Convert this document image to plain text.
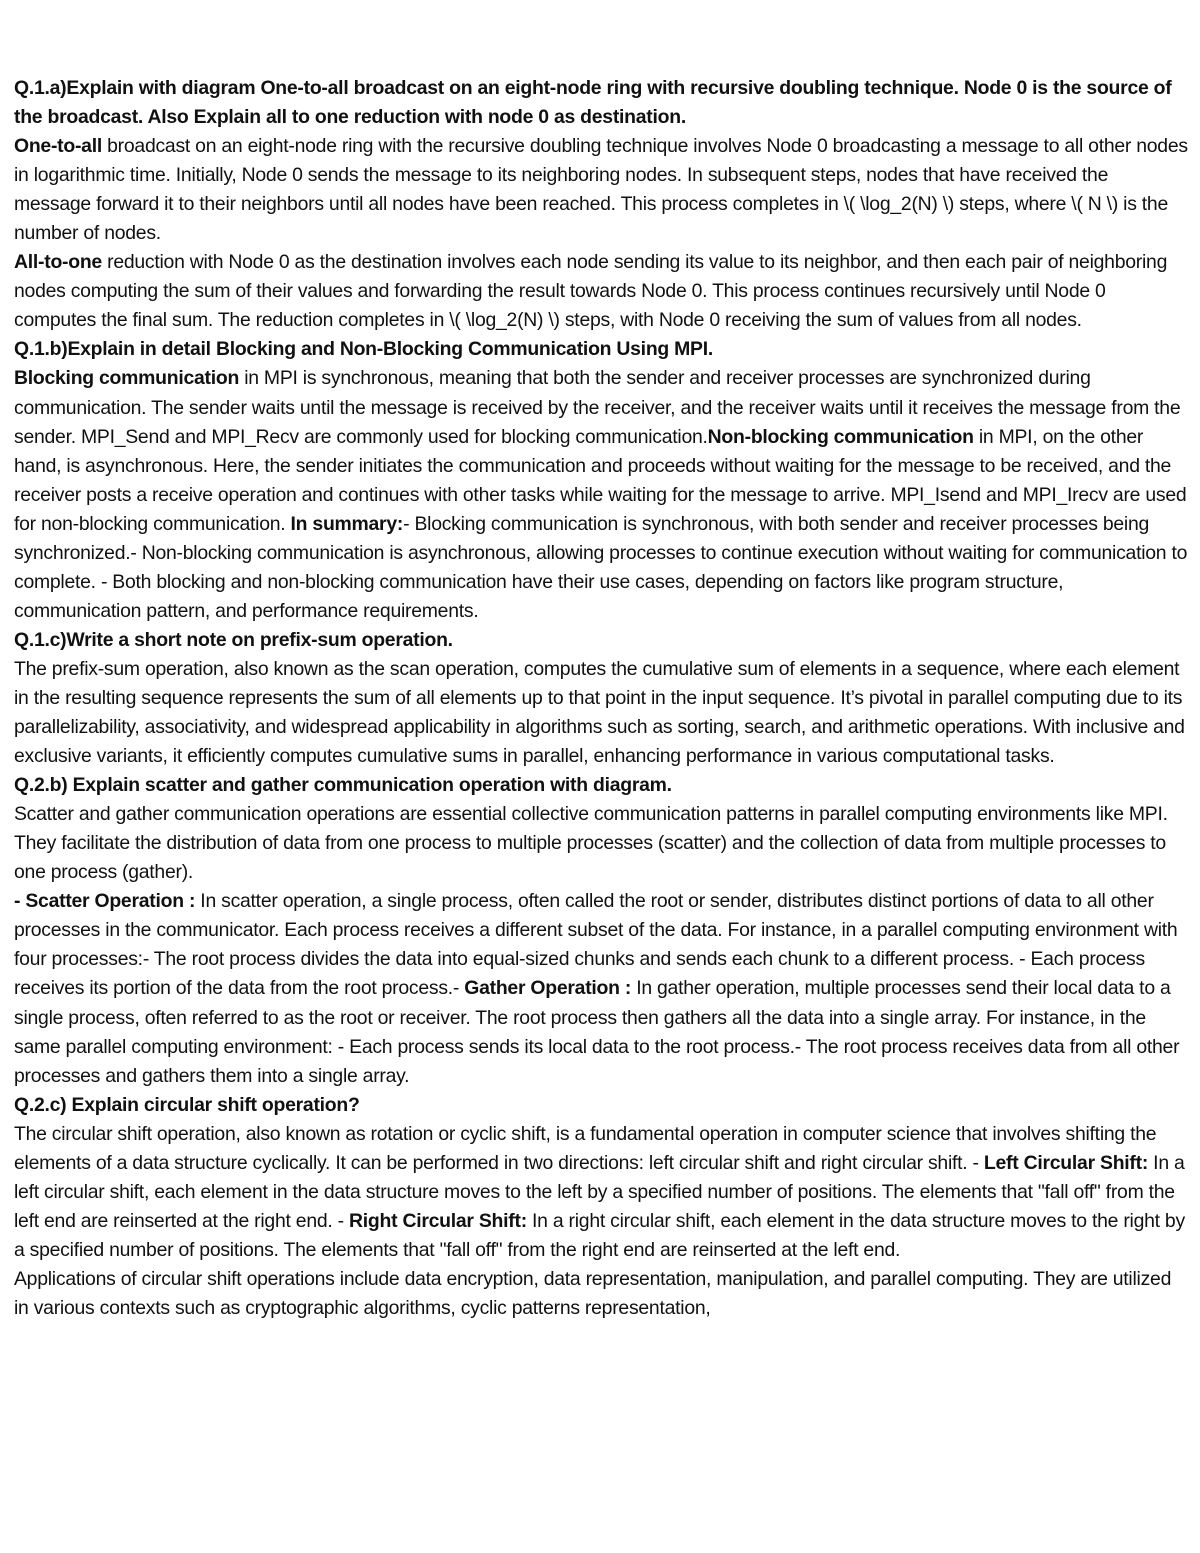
Q.1.a)Explain with diagram One-to-all broadcast on an eight-node ring with recursive doubling technique. Node 0 is the source of the broadcast. Also Explain all to one reduction with node 0 as destination.

One-to-all broadcast on an eight-node ring with the recursive doubling technique involves Node 0 broadcasting a message to all other nodes in logarithmic time. Initially, Node 0 sends the message to its neighboring nodes. In subsequent steps, nodes that have received the message forward it to their neighbors until all nodes have been reached. This process completes in \( \log_2(N) \) steps, where \( N \) is the number of nodes.

All-to-one reduction with Node 0 as the destination involves each node sending its value to its neighbor, and then each pair of neighboring nodes computing the sum of their values and forwarding the result towards Node 0. This process continues recursively until Node 0 computes the final sum. The reduction completes in \( \log_2(N) \) steps, with Node 0 receiving the sum of values from all nodes.

Q.1.b)Explain in detail Blocking and Non-Blocking Communication Using MPI.

Blocking communication in MPI is synchronous, meaning that both the sender and receiver processes are synchronized during communication. The sender waits until the message is received by the receiver, and the receiver waits until it receives the message from the sender. MPI_Send and MPI_Recv are commonly used for blocking communication.Non-blocking communication in MPI, on the other hand, is asynchronous. Here, the sender initiates the communication and proceeds without waiting for the message to be received, and the receiver posts a receive operation and continues with other tasks while waiting for the message to arrive. MPI_Isend and MPI_Irecv are used for non-blocking communication. In summary:- Blocking communication is synchronous, with both sender and receiver processes being synchronized.- Non-blocking communication is asynchronous, allowing processes to continue execution without waiting for communication to complete. - Both blocking and non-blocking communication have their use cases, depending on factors like program structure, communication pattern, and performance requirements.

Q.1.c)Write a short note on prefix-sum operation.

The prefix-sum operation, also known as the scan operation, computes the cumulative sum of elements in a sequence, where each element in the resulting sequence represents the sum of all elements up to that point in the input sequence. It’s pivotal in parallel computing due to its parallelizability, associativity, and widespread applicability in algorithms such as sorting, search, and arithmetic operations. With inclusive and exclusive variants, it efficiently computes cumulative sums in parallel, enhancing performance in various computational tasks.

Q.2.b) Explain scatter and gather communication operation with diagram.

Scatter and gather communication operations are essential collective communication patterns in parallel computing environments like MPI. They facilitate the distribution of data from one process to multiple processes (scatter) and the collection of data from multiple processes to one process (gather).

- Scatter Operation : In scatter operation, a single process, often called the root or sender, distributes distinct portions of data to all other processes in the communicator. Each process receives a different subset of the data. For instance, in a parallel computing environment with four processes:- The root process divides the data into equal-sized chunks and sends each chunk to a different process. - Each process receives its portion of the data from the root process.- Gather Operation : In gather operation, multiple processes send their local data to a single process, often referred to as the root or receiver. The root process then gathers all the data into a single array. For instance, in the same parallel computing environment: - Each process sends its local data to the root process.- The root process receives data from all other processes and gathers them into a single array.

Q.2.c) Explain circular shift operation?

The circular shift operation, also known as rotation or cyclic shift, is a fundamental operation in computer science that involves shifting the elements of a data structure cyclically. It can be performed in two directions: left circular shift and right circular shift. - Left Circular Shift: In a left circular shift, each element in the data structure moves to the left by a specified number of positions. The elements that "fall off" from the left end are reinserted at the right end. - Right Circular Shift: In a right circular shift, each element in the data structure moves to the right by a specified number of positions. The elements that "fall off" from the right end are reinserted at the left end.

Applications of circular shift operations include data encryption, data representation, manipulation, and parallel computing. They are utilized in various contexts such as cryptographic algorithms, cyclic patterns representation,
